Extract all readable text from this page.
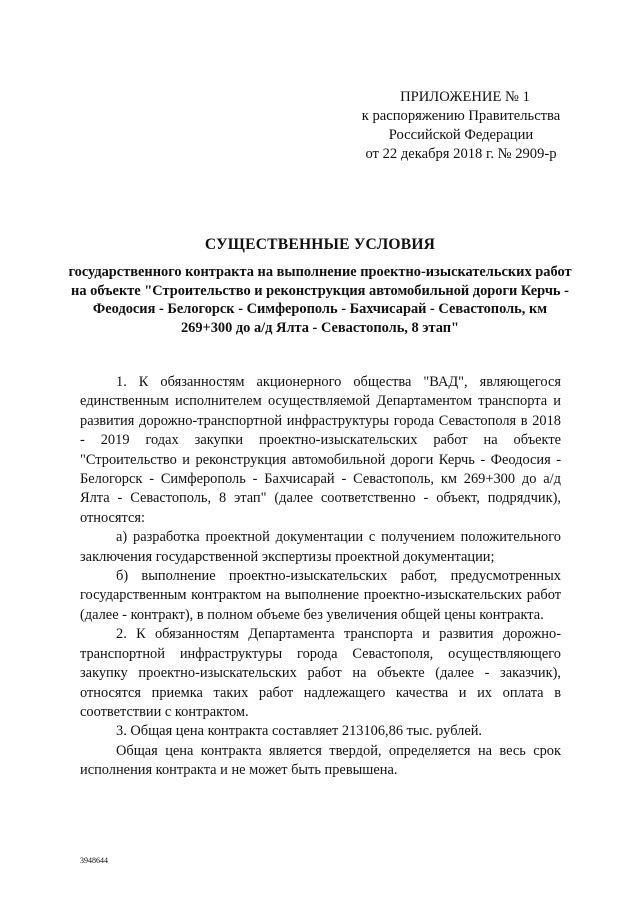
ПРИЛОЖЕНИЕ № 1
к распоряжению Правительства
Российской Федерации
от 22 декабря 2018 г. № 2909-р
СУЩЕСТВЕННЫЕ УСЛОВИЯ
государственного контракта на выполнение проектно-изыскательских работ на объекте "Строительство и реконструкция автомобильной дороги Керчь - Феодосия - Белогорск - Симферополь - Бахчисарай - Севастополь, км 269+300 до а/д Ялта - Севастополь, 8 этап"

1. К обязанностям акционерного общества "ВАД", являющегося единственным исполнителем осуществляемой Департаментом транспорта и развития дорожно-транспортной инфраструктуры города Севастополя в 2018 - 2019 годах закупки проектно-изыскательских работ на объекте "Строительство и реконструкция автомобильной дороги Керчь - Феодосия - Белогорск - Симферополь - Бахчисарай - Севастополь, км 269+300 до а/д Ялта - Севастополь, 8 этап" (далее соответственно - объект, подрядчик), относятся:

а) разработка проектной документации с получением положительного заключения государственной экспертизы проектной документации;

б) выполнение проектно-изыскательских работ, предусмотренных государственным контрактом на выполнение проектно-изыскательских работ (далее - контракт), в полном объеме без увеличения общей цены контракта.

2. К обязанностям Департамента транспорта и развития дорожно-транспортной инфраструктуры города Севастополя, осуществляющего закупку проектно-изыскательских работ на объекте (далее - заказчик), относятся приемка таких работ надлежащего качества и их оплата в соответствии с контрактом.

3. Общая цена контракта составляет 213106,86 тыс. рублей.

Общая цена контракта является твердой, определяется на весь срок исполнения контракта и не может быть превышена.

3948644
